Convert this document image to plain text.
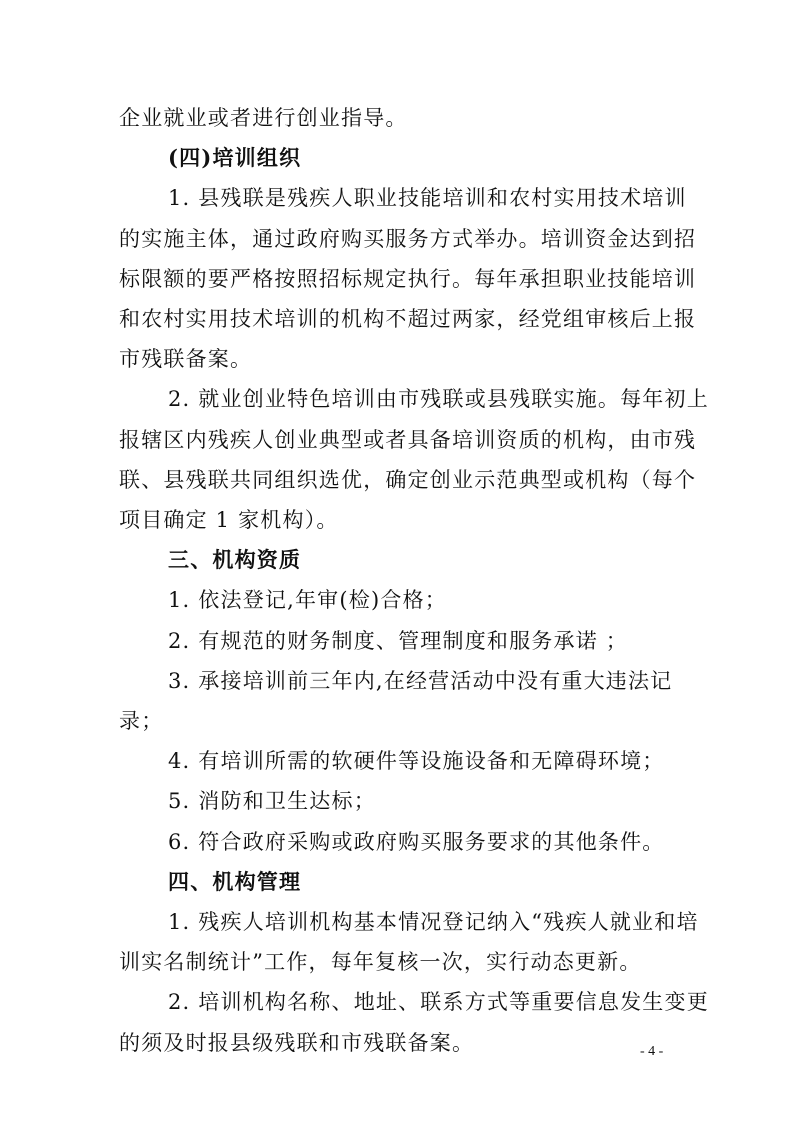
企业就业或者进行创业指导。
(四)培训组织
1. 县残联是残疾人职业技能培训和农村实用技术培训
的实施主体，通过政府购买服务方式举办。培训资金达到招
标限额的要严格按照招标规定执行。每年承担职业技能培训
和农村实用技术培训的机构不超过两家，经党组审核后上报
市残联备案。
2. 就业创业特色培训由市残联或县残联实施。每年初上
报辖区内残疾人创业典型或者具备培训资质的机构，由市残
联、县残联共同组织选优，确定创业示范典型或机构（每个
项目确定 1 家机构）。
三、机构资质
1. 依法登记,年审(检)合格；
2. 有规范的财务制度、管理制度和服务承诺 ；
3. 承接培训前三年内,在经营活动中没有重大违法记
录；
4. 有培训所需的软硬件等设施设备和无障碍环境；
5. 消防和卫生达标；
6. 符合政府采购或政府购买服务要求的其他条件。
四、机构管理
1. 残疾人培训机构基本情况登记纳入“残疾人就业和培
训实名制统计”工作，每年复核一次，实行动态更新。
2. 培训机构名称、地址、联系方式等重要信息发生变更
的须及时报县级残联和市残联备案。	- 4 -
